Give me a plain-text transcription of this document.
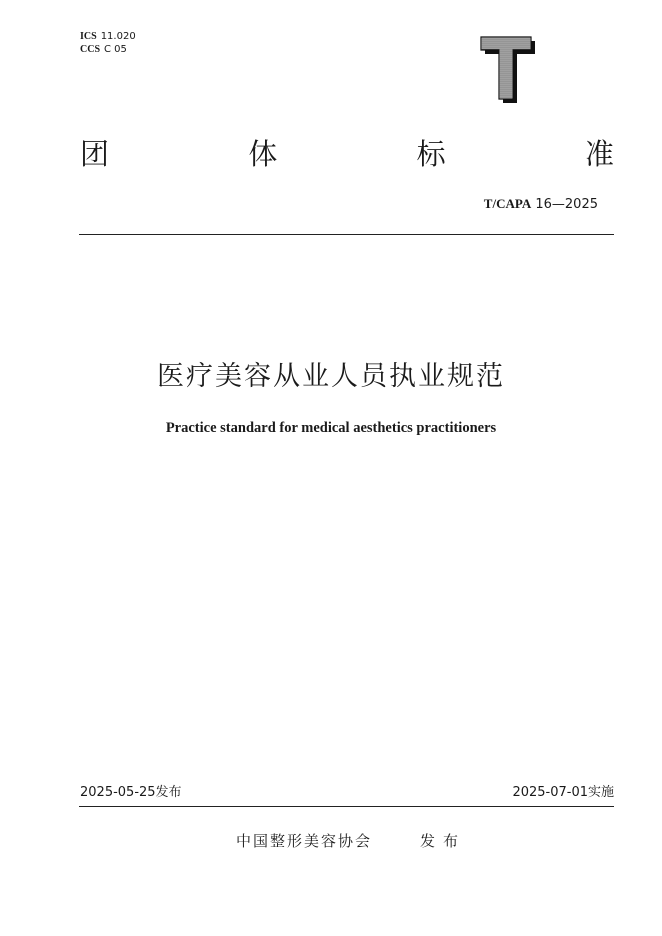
ICS 11.020
CCS C 05
团	体	标	准
T/CAPA 16—2025
医疗美容从业人员执业规范
Practice standard for medical aesthetics practitioners
2025-05-25发布	2025-07-01实施
中国整形美容协会	发布
